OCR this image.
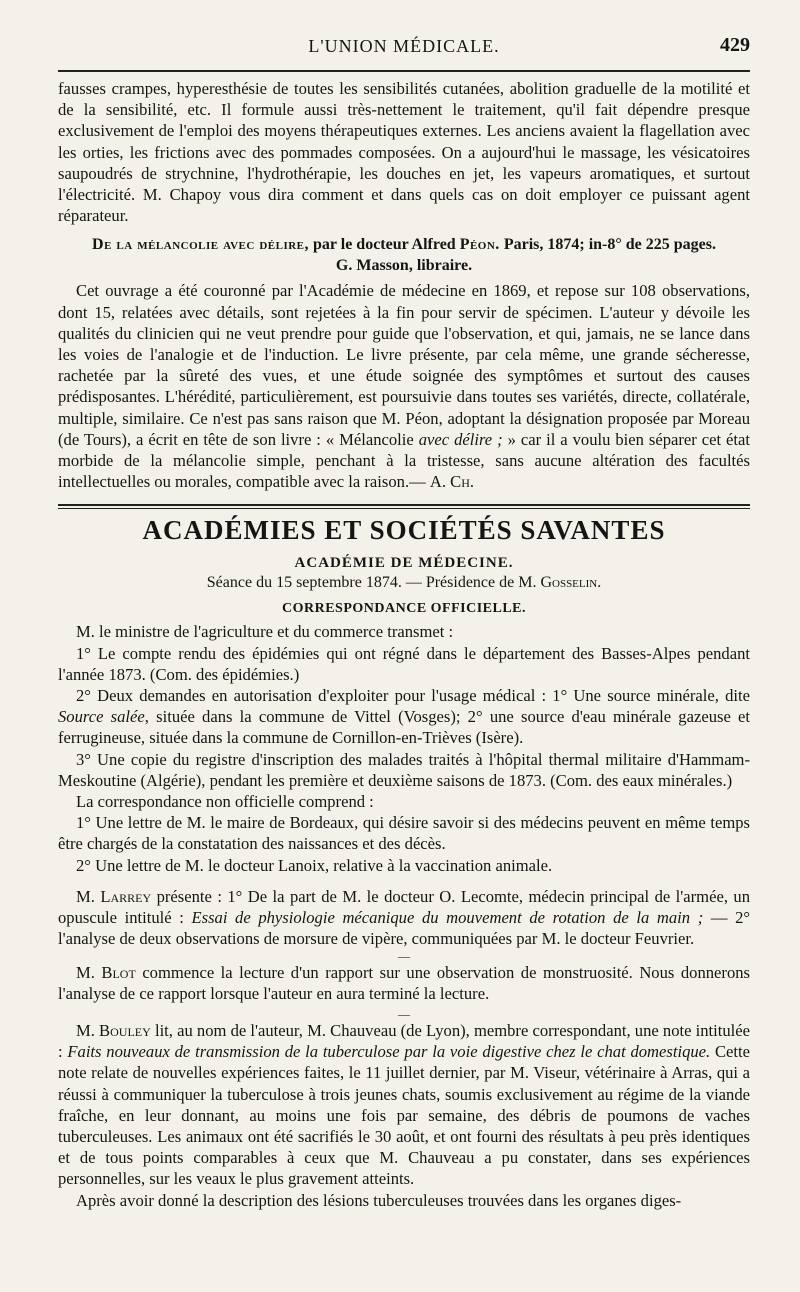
L'UNION MÉDICALE.	429

fausses crampes, hyperesthésie de toutes les sensibilités cutanées, abolition graduelle de la motilité et de la sensibilité, etc. Il formule aussi très-nettement le traitement, qu'il fait dépendre presque exclusivement de l'emploi des moyens thérapeutiques externes. Les anciens avaient la flagellation avec les orties, les frictions avec des pommades composées. On a aujourd'hui le massage, les vésicatoires saupoudrés de strychnine, l'hydrothérapie, les douches en jet, les vapeurs aromatiques, et surtout l'électricité. M. Chapoy vous dira comment et dans quels cas on doit employer ce puissant agent réparateur.

De la mélancolie avec délire, par le docteur Alfred Péon. Paris, 1874; in-8° de 225 pages.
G. Masson, libraire.

Cet ouvrage a été couronné par l'Académie de médecine en 1869, et repose sur 108 observations, dont 15, relatées avec détails, sont rejetées à la fin pour servir de spécimen. L'auteur y dévoile les qualités du clinicien qui ne veut prendre pour guide que l'observation, et qui, jamais, ne se lance dans les voies de l'analogie et de l'induction. Le livre présente, par cela même, une grande sécheresse, rachetée par la sûreté des vues, et une étude soignée des symptômes et surtout des causes prédisposantes. L'hérédité, particulièrement, est poursuivie dans toutes ses variétés, directe, collatérale, multiple, similaire. Ce n'est pas sans raison que M. Péon, adoptant la désignation proposée par Moreau (de Tours), a écrit en tête de son livre : « Mélancolie avec délire ; » car il a voulu bien séparer cet état morbide de la mélancolie simple, penchant à la tristesse, sans aucune altération des facultés intellectuelles ou morales, compatible avec la raison.— A. Ch.

ACADÉMIES ET SOCIÉTÉS SAVANTES
ACADÉMIE DE MÉDECINE.
Séance du 15 septembre 1874. — Présidence de M. Gosselin.
CORRESPONDANCE OFFICIELLE.

M. le ministre de l'agriculture et du commerce transmet :

1° Le compte rendu des épidémies qui ont régné dans le département des Basses-Alpes pendant l'année 1873. (Com. des épidémies.)

2° Deux demandes en autorisation d'exploiter pour l'usage médical : 1° Une source minérale, dite Source salée, située dans la commune de Vittel (Vosges); 2° une source d'eau minérale gazeuse et ferrugineuse, située dans la commune de Cornillon-en-Trièves (Isère).

3° Une copie du registre d'inscription des malades traités à l'hôpital thermal militaire d'Hammam-Meskoutine (Algérie), pendant les première et deuxième saisons de 1873. (Com. des eaux minérales.)

La correspondance non officielle comprend :

1° Une lettre de M. le maire de Bordeaux, qui désire savoir si des médecins peuvent en même temps être chargés de la constatation des naissances et des décès.

2° Une lettre de M. le docteur Lanoix, relative à la vaccination animale.

M. Larrey présente : 1° De la part de M. le docteur O. Lecomte, médecin principal de l'armée, un opuscule intitulé : Essai de physiologie mécanique du mouvement de rotation de la main ; — 2° l'analyse de deux observations de morsure de vipère, communiquées par M. le docteur Feuvrier.

—

M. Blot commence la lecture d'un rapport sur une observation de monstruosité. Nous donnerons l'analyse de ce rapport lorsque l'auteur en aura terminé la lecture.

—

M. Bouley lit, au nom de l'auteur, M. Chauveau (de Lyon), membre correspondant, une note intitulée : Faits nouveaux de transmission de la tuberculose par la voie digestive chez le chat domestique. Cette note relate de nouvelles expériences faites, le 11 juillet dernier, par M. Viseur, vétérinaire à Arras, qui a réussi à communiquer la tuberculose à trois jeunes chats, soumis exclusivement au régime de la viande fraîche, en leur donnant, au moins une fois par semaine, des débris de poumons de vaches tuberculeuses. Les animaux ont été sacrifiés le 30 août, et ont fourni des résultats à peu près identiques et de tous points comparables à ceux que M. Chauveau a pu constater, dans ses expériences personnelles, sur les veaux le plus gravement atteints.

Après avoir donné la description des lésions tuberculeuses trouvées dans les organes diges-
